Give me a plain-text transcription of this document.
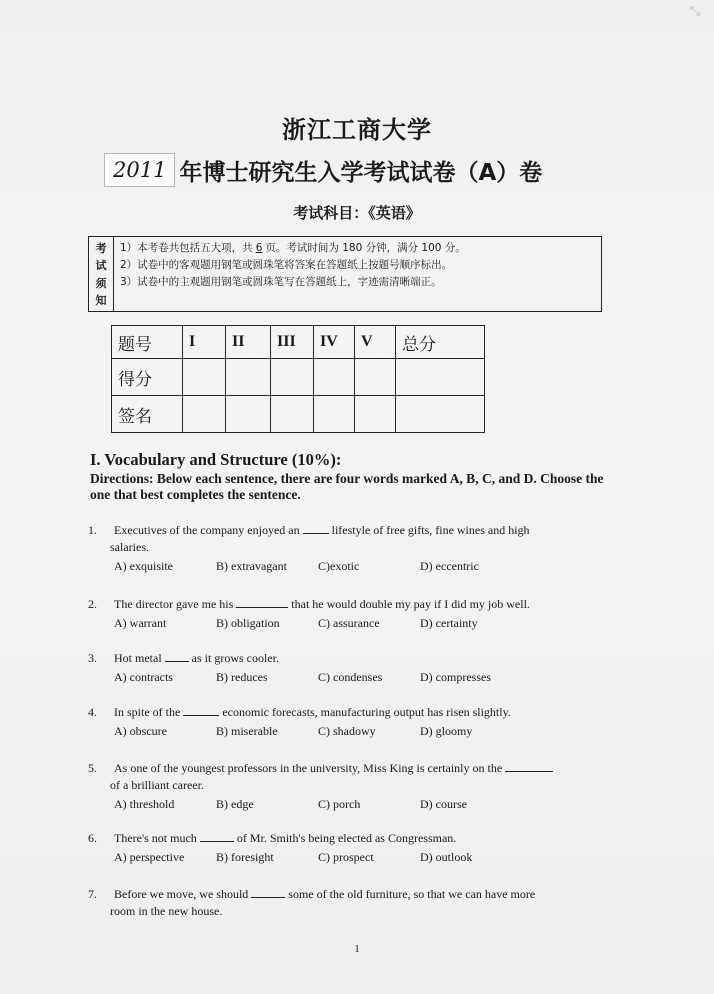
⤡
浙江工商大学
2011 年博士研究生入学考试试卷（A）卷
考试科目：《英语》
考
试
须
知
1）本考卷共包括五大项，共 6 页。考试时间为 180 分钟，满分 100 分。
2）试卷中的客观题用钢笔或圆珠笔将答案在答题纸上按题号顺序标出。
3）试卷中的主观题用钢笔或圆珠笔写在答题纸上，字迹需清晰端正。
题号	I	II	III	IV	V	总分
得分						
签名						
I. Vocabulary and Structure (10%):
Directions: Below each sentence, there are four words marked A, B, C, and D. Choose the one that best completes the sentence.
1. Executives of the company enjoyed an	lifestyle of free gifts, fine wines and high
salaries.
A) exquisite	B) extravagant	C)exotic	D) eccentric
2. The director gave me his	that he would double my pay if I did my job well.
A) warrant	B) obligation	C) assurance	D) certainty
3. Hot metal	as it grows cooler.
A) contracts	B) reduces	C) condenses	D) compresses
4. In spite of the	economic forecasts, manufacturing output has risen slightly.
A) obscure	B) miserable	C) shadowy	D) gloomy
5. As one of the youngest professors in the university, Miss King is certainly on the
of a brilliant career.
A) threshold	B) edge	C) porch	D) course
6. There's not much	of Mr. Smith's being elected as Congressman.
A) perspective	B) foresight	C) prospect	D) outlook
7. Before we move, we should	some of the old furniture, so that we can have more
room in the new house.
1
